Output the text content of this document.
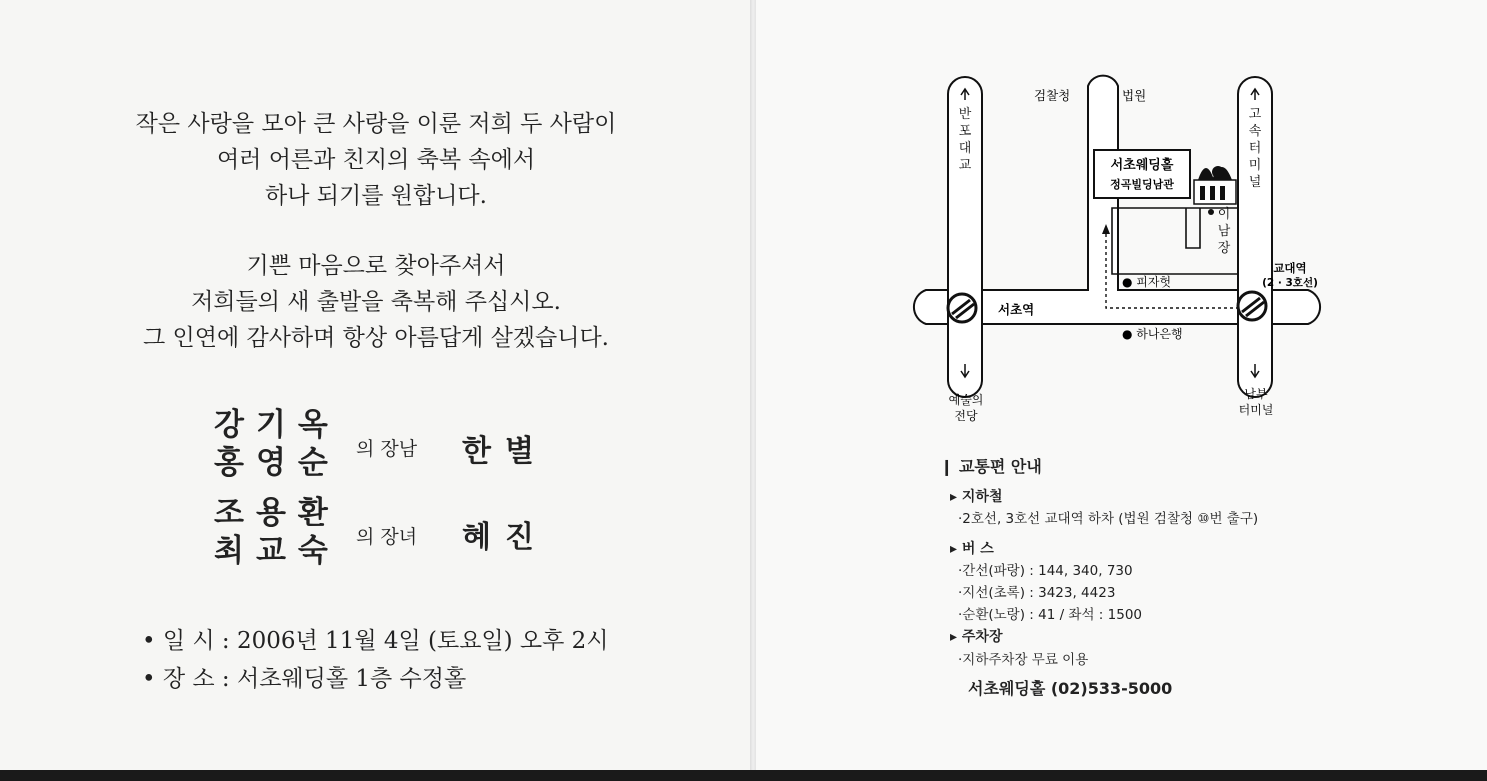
작은 사랑을 모아 큰 사랑을 이룬 저희 두 사람이
여러 어른과 친지의 축복 속에서
하나 되기를 원합니다.
기쁜 마음으로 찾아주셔서
저희들의 새 출발을 축복해 주십시오.
그 인연에 감사하며 항상 아름답게 살겠습니다.
강기옥
홍영순 의 장남 한별
조용환
최교숙 의 장녀 혜진
• 일 시 : 2006년 11월 4일 (토요일) 오후 2시
• 장 소 : 서초웨딩홀 1층 수정홀
반 포 대 교
고 속 터 미 널
이 남 장
검찰청	법원
서초웨딩홀
정곡빌딩남관
교대역
(2 · 3호선)
● 피자헛
서초역
● 하나은행
예술의
전당
남부
터미널
❙ 교통편 안내
▸ 지하철
·2호선, 3호선 교대역 하차 (법원 검찰청 ⑩번 출구)
▸ 버 스
·간선(파랑) : 144, 340, 730
·지선(초록) : 3423, 4423
·순환(노랑) : 41 / 좌석 : 1500
▸ 주차장
·지하주차장 무료 이용
서초웨딩홀 (02)533-5000
